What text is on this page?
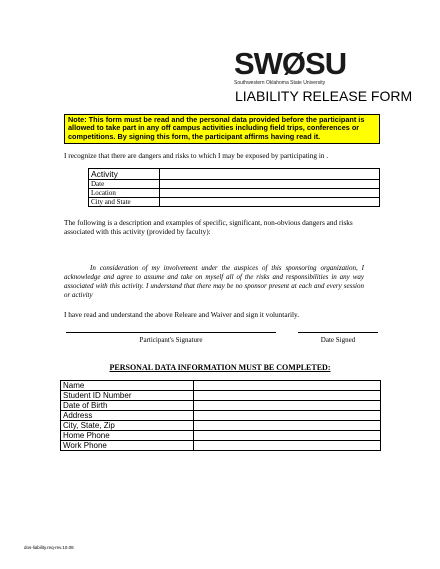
SWØSU
Southwestern Oklahoma State University
LIABILITY RELEASE FORM
Note: This form must be read and the personal data provided before the participant is allowed to take part in any off campus activities including field trips, conferences or competitions. By signing this form, the participant affirms having read it.
I recognize that there are dangers and risks to which I may be exposed by participating in .
Activity	
Date	
Location	
City and State	
The following is a description and examples of specific, significant, non-obvious dangers and risks associated with this activity (provided by faculty):
In consideration of my involvement under the auspices of this sponsoring organization, I acknowledge and agree to assume and take on myself all of the risks and responsibilities in any way associated with this activity. I understand that there may be no sponsor present at each and every session or activity
I have read and understand the above Releare and Waiver and sign it voluntarily.
Participant's Signature	Date Signed
PERSONAL DATA INFORMATION MUST BE COMPLETED:
Name	
Student ID Number	
Date of Birth	
Address	
City, State, Zip	
Home Phone	
Work Phone	
dos-liability.req-rev.10.08
